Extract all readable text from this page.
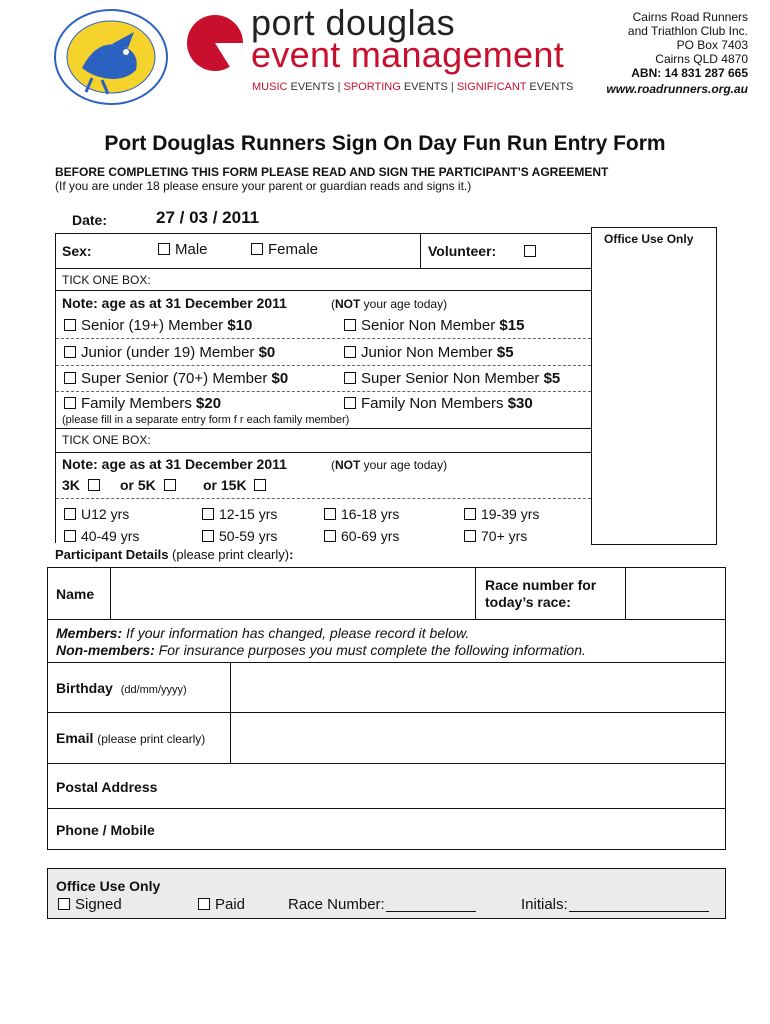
port douglas
event management
MUSIC EVENTS | SPORTING EVENTS | SIGNIFICANT EVENTS
Cairns Road Runners
and Triathlon Club Inc.
PO Box 7403
Cairns QLD 4870
ABN: 14 831 287 665
www.roadrunners.org.au
Port Douglas Runners Sign On Day Fun Run Entry Form
BEFORE COMPLETING THIS FORM PLEASE READ AND SIGN THE PARTICIPANT’S AGREEMENT
(If you are under 18 please ensure your parent or guardian reads and signs it.)
Date:	27 / 03 / 2011
Office Use Only
Sex:	Male	Female	Volunteer:
TICK ONE BOX:
Note: age as at 31 December 2011	(NOT your age today)
Senior (19+) Member $10	Senior Non Member $15
Junior (under 19) Member $0	Junior Non Member $5
Super Senior (70+) Member $0	Super Senior Non Member $5
Family Members $20	Family Non Members $30
(please fill in a separate entry form f r each family member)
TICK ONE BOX:
Note: age as at 31 December 2011	(NOT your age today)
3K	or 5K	or 15K
U12 yrs	12-15 yrs	16-18 yrs	19-39 yrs
40-49 yrs	50-59 yrs	60-69 yrs	70+ yrs
Participant Details (please print clearly):
Name
Race number for
today’s race:
Members: If your information has changed, please record it below.
Non-members: For insurance purposes you must complete the following information.
Birthday (dd/mm/yyyy)
Email (please print clearly)
Postal Address
Phone / Mobile
Office Use Only
Signed	Paid	Race Number:	Initials:
